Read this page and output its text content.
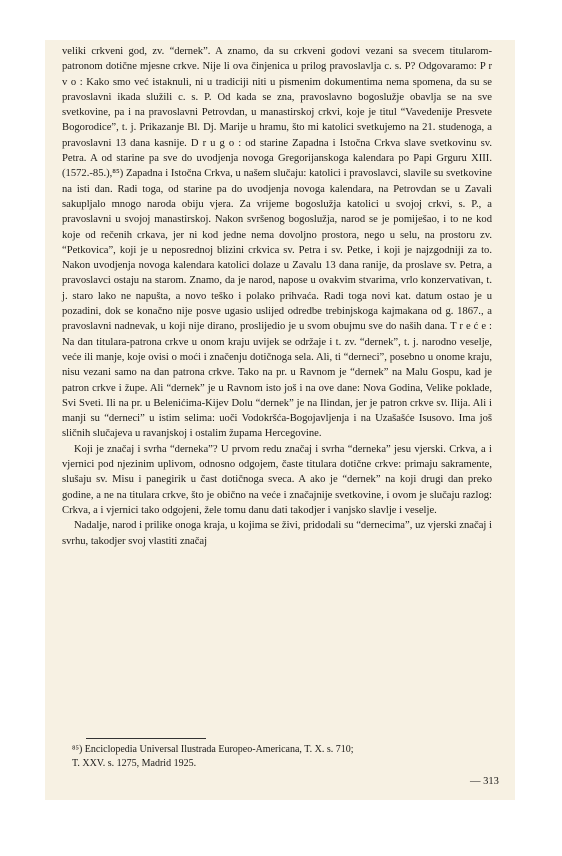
veliki crkveni god, zv. “dernek”. A znamo, da su crkveni godovi vezani sa svecem titularom-patronom dotične mjesne crkve. Nije li ova činjenica u prilog pravoslavlja c. s. P? Odgovaramo: P r v o : Kako smo već istaknuli, ni u tradiciji niti u pismenim dokumentima nema spomena, da su se pravoslavni ikada služili c. s. P. Od kada se zna, pravoslavno bogoslužje obavlja se na sve svetkovine, pa i na pravoslavni Petrovdan, u manastirskoj crkvi, koje je titul “Vavedenije Presvete Bogorodice”, t. j. Prikazanje Bl. Dj. Marije u hramu, što mi katolici svetkujemo na 21. studenoga, a pravoslavni 13 dana kasnije. D r u g o : od starine Zapadna i Istočna Crkva slave svetkovinu sv. Petra. A od starine pa sve do uvodjenja novoga Gregorijanskoga kalendara po Papi Grguru XIII. (1572.-85.),⁸⁵) Zapadna i Istočna Crkva, u našem slučaju: katolici i pravoslavci, slavile su svetkovine na isti dan. Radi toga, od starine pa do uvodjenja novoga kalendara, na Petrovdan se u Zavali sakupljalo mnogo naroda obiju vjera. Za vrijeme bogoslužja katolici u svojoj crkvi, s. P., a pravoslavni u svojoj manastirskoj. Nakon svršenog bogoslužja, narod se je pomiješao, i to ne kod koje od rečenih crkava, jer ni kod jedne nema dovoljno prostora, nego u selu, na prostoru zv. “Petkovica”, koji je u neposrednoj blizini crkvica sv. Petra i sv. Petke, i koji je najzgodniji za to. Nakon uvodjenja novoga kalendara katolici dolaze u Zavalu 13 dana ranije, da proslave sv. Petra, a pravoslavci ostaju na starom. Znamo, da je narod, napose u ovakvim stvarima, vrlo konzervativan, t. j. staro lako ne napušta, a novo teško i polako prihvaća. Radi toga novi kat. datum ostao je u pozadini, dok se konačno nije posve ugasio uslijed odredbe trebinjskoga kajmakana od g. 1867., a pravoslavni nadnevak, u koji nije dirano, proslijedio je u svom obujmu sve do naših dana. T r e ć e : Na dan titulara-patrona crkve u onom kraju uvijek se održaje i t. zv. “dernek”, t. j. narodno veselje, veće ili manje, koje ovisi o moći i značenju dotičnoga sela. Ali, ti “derneci”, posebno u onome kraju, nisu vezani samo na dan patrona crkve. Tako na pr. u Ravnom je “dernek” na Malu Gospu, kad je patron crkve i župe. Ali “dernek” je u Ravnom isto još i na ove dane: Nova Godina, Velike poklade, Svi Sveti. Ili na pr. u Belenićima-Kijev Dolu “dernek” je na Ilindan, jer je patron crkve sv. Ilija. Ali i manji su “derneci” u istim selima: uoči Vodokršća-Bogojavljenja i na Uzašašće Isusovo. Ima još sličnih slučajeva u ravanjskoj i ostalim župama Hercegovine.

Koji je značaj i svrha “derneka”? U prvom redu značaj i svrha “derneka” jesu vjerski. Crkva, a i vjernici pod njezinim uplivom, odnosno odgojem, časte titulara dotične crkve: primaju sakramente, slušaju sv. Misu i panegirik u čast dotičnoga sveca. A ako je “dernek” na koji drugi dan preko godine, a ne na titulara crkve, što je obično na veće i značajnije svetkovine, i ovom je slučaju razlog: Crkva, a i vjernici tako odgojeni, žele tomu danu dati takodjer i vanjsko slavlje i veselje.

Nadalje, narod i prilike onoga kraja, u kojima se živi, pridodali su “dernecima”, uz vjerski značaj i svrhu, takodjer svoj vlastiti značaj

⁸⁵) Enciclopedia Universal Ilustrada Europeo-Americana, T. X. s. 710;

T. XXV. s. 1275, Madrid 1925.

— 313
